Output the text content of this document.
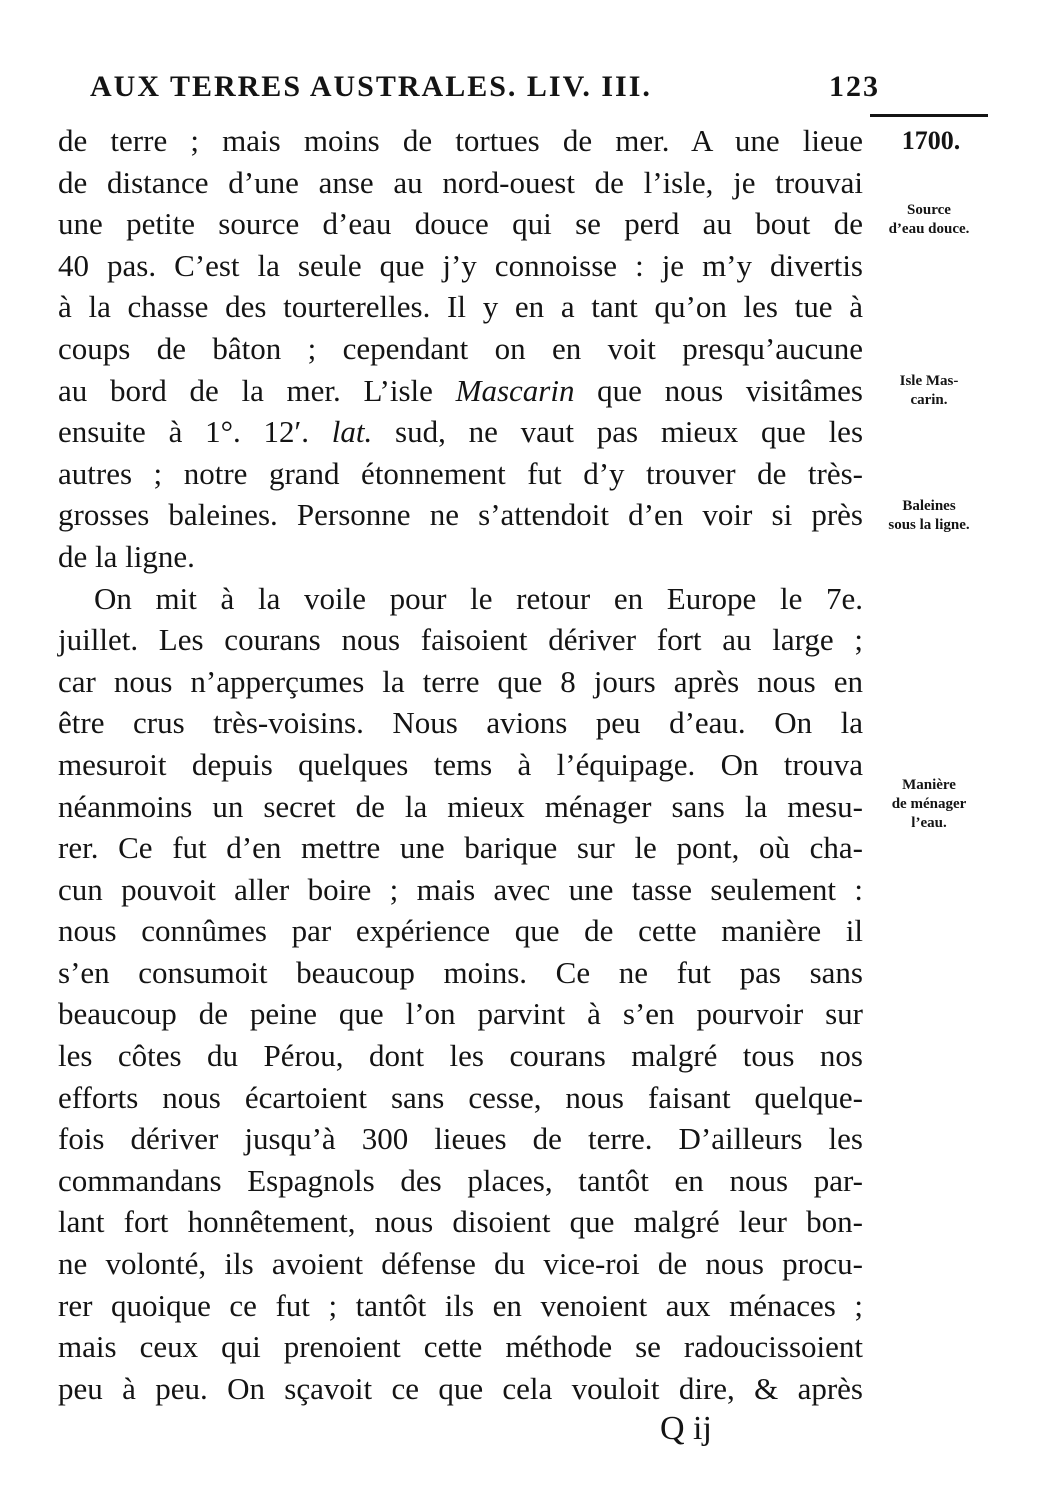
AUX TERRES AUSTRALES. LIV. III.	123
1700.
de terre ; mais moins de tortues de mer. A une lieue
de distance d’une anse au nord-ouest de l’isle, je trouvai
une petite source d’eau douce qui se perd au bout de
40 pas. C’est la seule que j’y connoisse : je m’y divertis
à la chasse des tourterelles. Il y en a tant qu’on les tue à
coups de bâton ; cependant on en voit presqu’aucune
au bord de la mer. L’isle Mascarin que nous visitâmes
ensuite à 1°. 12′. lat. sud, ne vaut pas mieux que les
autres ; notre grand étonnement fut d’y trouver de très-
grosses baleines. Personne ne s’attendoit d’en voir si près
de la ligne.
On mit à la voile pour le retour en Europe le 7e.
juillet. Les courans nous faisoient dériver fort au large ;
car nous n’apperçumes la terre que 8 jours après nous en
être crus très-voisins. Nous avions peu d’eau. On la
mesuroit depuis quelques tems à l’équipage. On trouva
néanmoins un secret de la mieux ménager sans la mesu-
rer. Ce fut d’en mettre une barique sur le pont, où cha-
cun pouvoit aller boire ; mais avec une tasse seulement :
nous connûmes par expérience que de cette manière il
s’en consumoit beaucoup moins. Ce ne fut pas sans
beaucoup de peine que l’on parvint à s’en pourvoir sur
les côtes du Pérou, dont les courans malgré tous nos
efforts nous écartoient sans cesse, nous faisant quelque-
fois dériver jusqu’à 300 lieues de terre. D’ailleurs les
commandans Espagnols des places, tantôt en nous par-
lant fort honnêtement, nous disoient que malgré leur bon-
ne volonté, ils avoient défense du vice-roi de nous procu-
rer quoique ce fut ; tantôt ils en venoient aux ménaces ;
mais ceux qui prenoient cette méthode se radoucissoient
peu à peu. On sçavoit ce que cela vouloit dire, & après
Source
d’eau douce.
Isle Mas-
carin.
Baleines
sous la ligne.
Manière
de ménager
l’eau.
Q ij
